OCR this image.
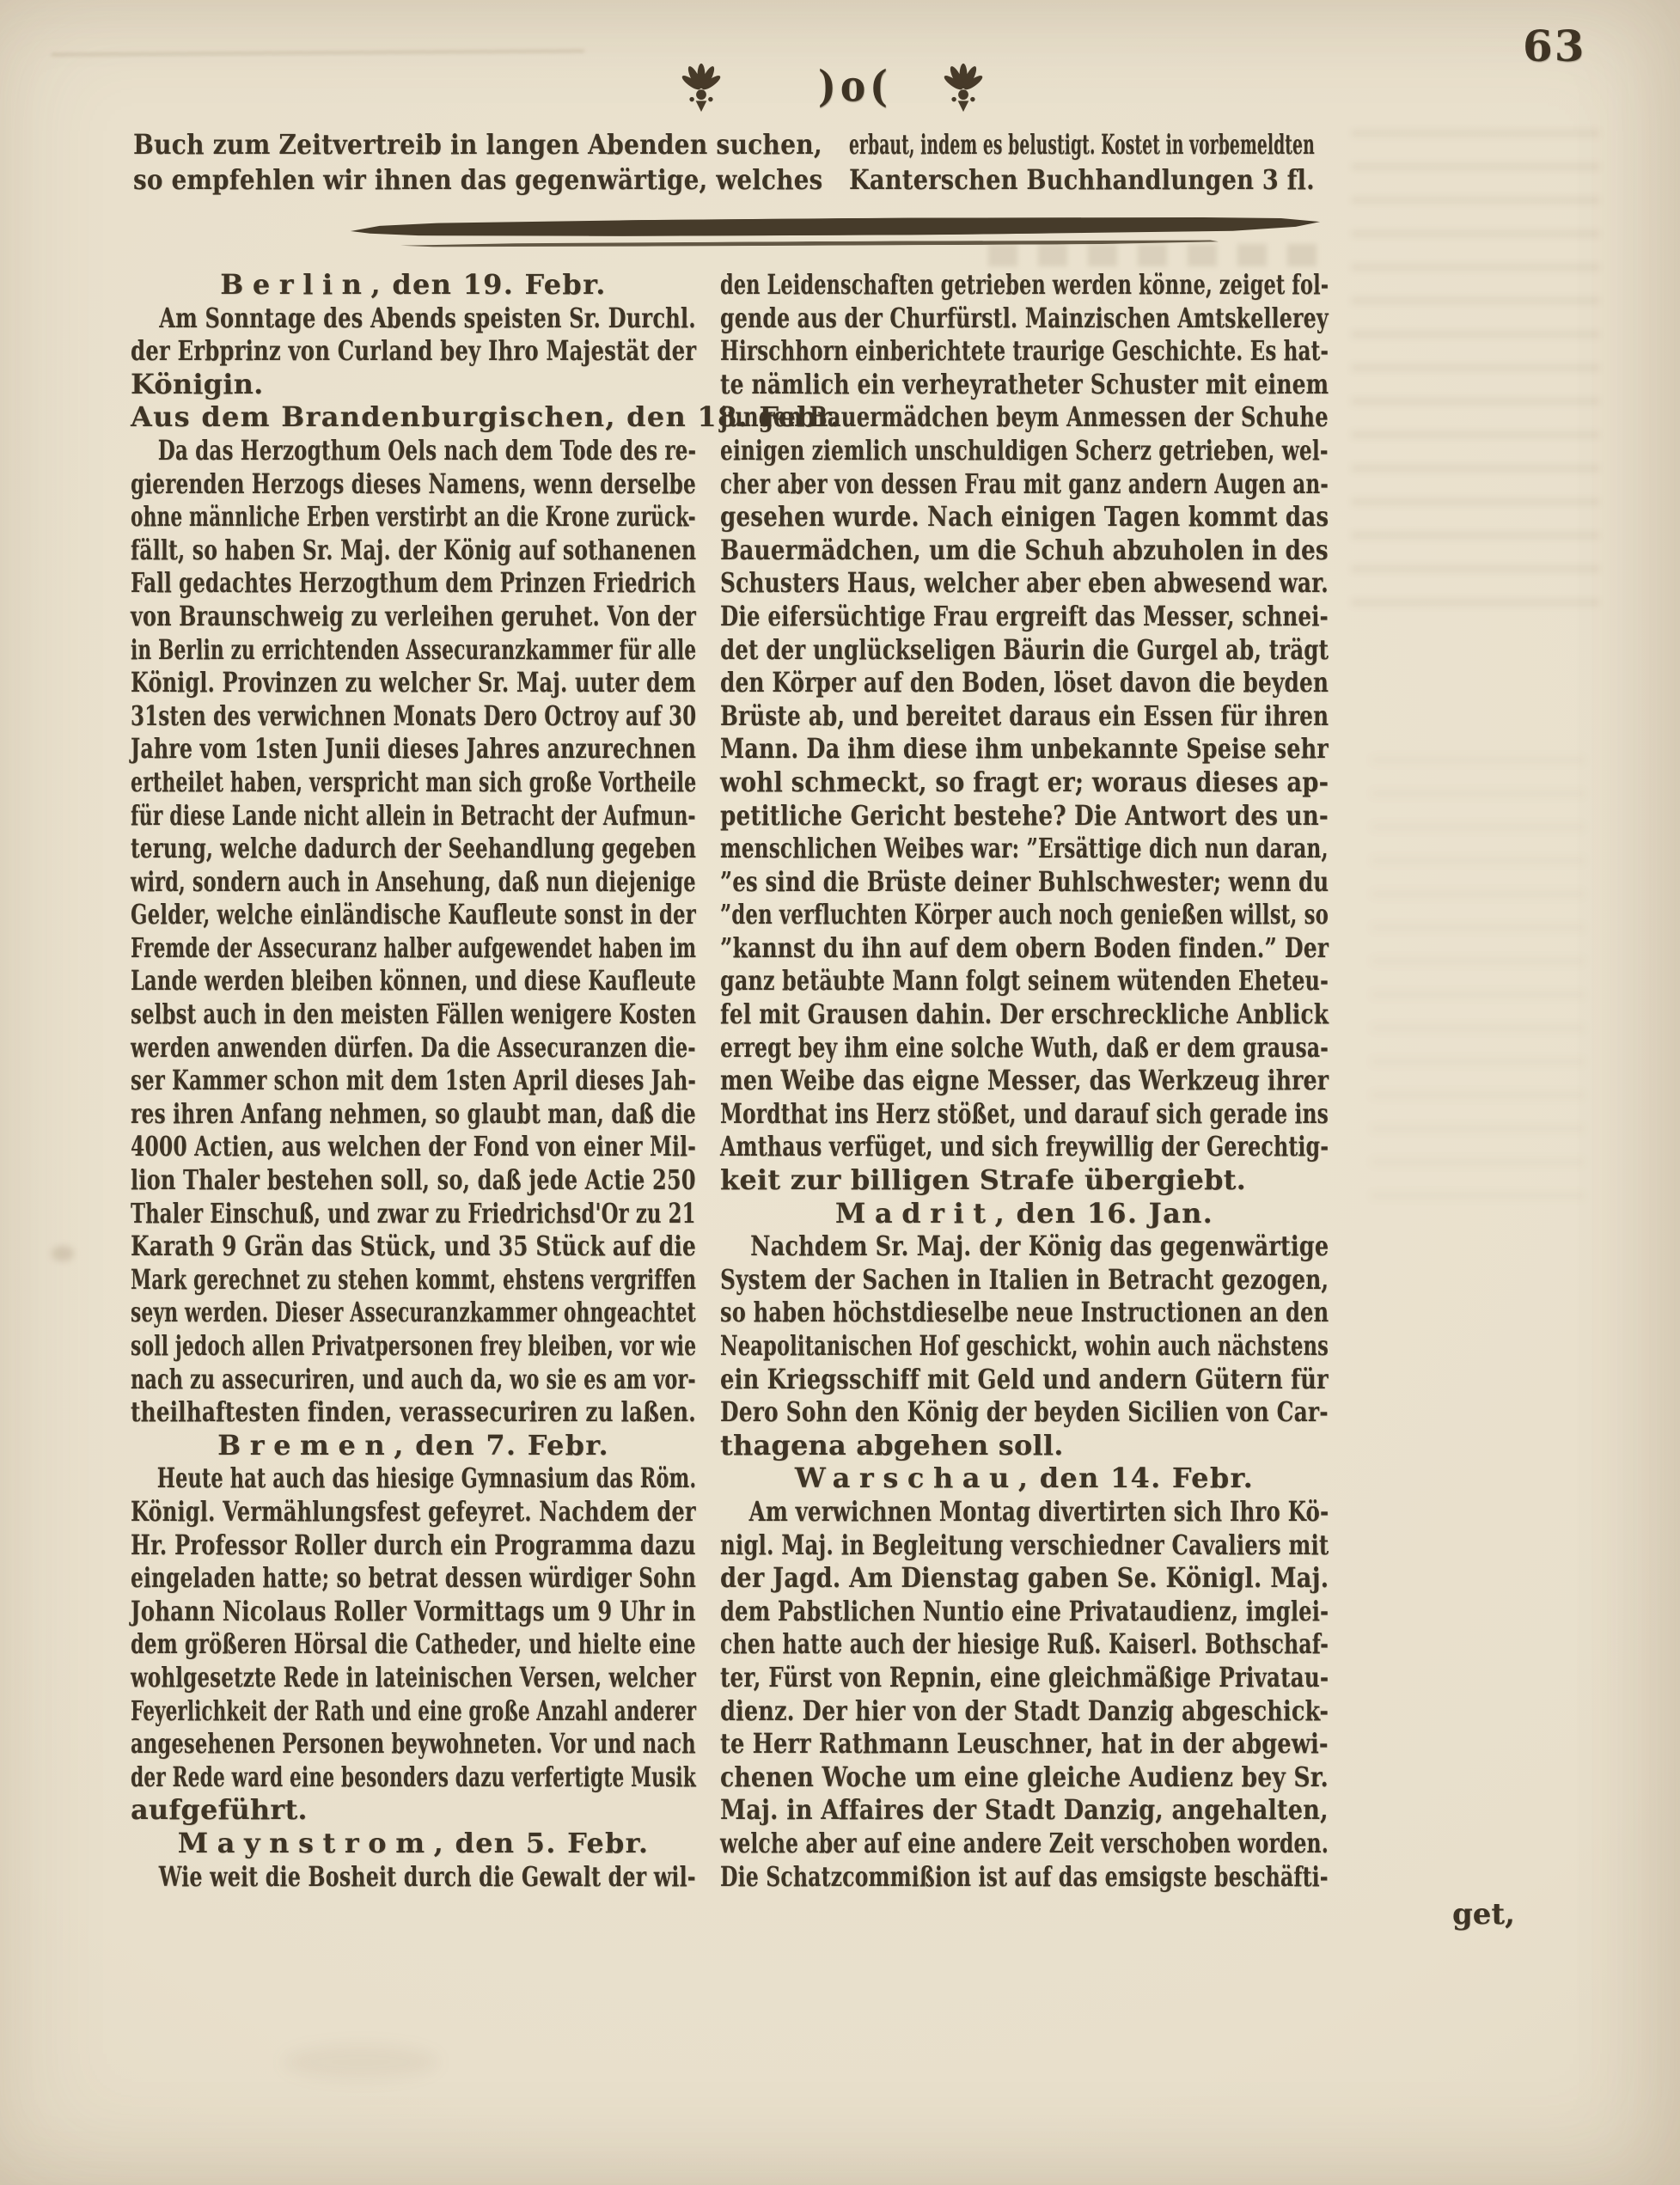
63
)o(
Buch zum Zeitvertreib in langen Abenden suchen,
so empfehlen wir ihnen das gegenwärtige, welches
erbaut, indem es belustigt. Kostet in vorbemeldten
Kanterschen Buchhandlungen 3 fl.
Berlin, den 19. Febr.
Am Sonntage des Abends speisten Sr. Durchl.
der Erbprinz von Curland bey Ihro Majestät der
Königin.
Aus dem Brandenburgischen, den 18. Febr.
Da das Herzogthum Oels nach dem Tode des re-
gierenden Herzogs dieses Namens, wenn derselbe
ohne männliche Erben verstirbt an die Krone zurück-
fällt, so haben Sr. Maj. der König auf sothanenen
Fall gedachtes Herzogthum dem Prinzen Friedrich
von Braunschweig zu verleihen geruhet. Von der
in Berlin zu errichtenden Assecuranzkammer für alle
Königl. Provinzen zu welcher Sr. Maj. uuter dem
31sten des verwichnen Monats Dero Octroy auf 30
Jahre vom 1sten Junii dieses Jahres anzurechnen
ertheilet haben, verspricht man sich große Vortheile
für diese Lande nicht allein in Betracht der Aufmun-
terung, welche dadurch der Seehandlung gegeben
wird, sondern auch in Ansehung, daß nun diejenige
Gelder, welche einländische Kaufleute sonst in der
Fremde der Assecuranz halber aufgewendet haben im
Lande werden bleiben können, und diese Kaufleute
selbst auch in den meisten Fällen wenigere Kosten
werden anwenden dürfen. Da die Assecuranzen die-
ser Kammer schon mit dem 1sten April dieses Jah-
res ihren Anfang nehmen, so glaubt man, daß die
4000 Actien, aus welchen der Fond von einer Mil-
lion Thaler bestehen soll, so, daß jede Actie 250
Thaler Einschuß, und zwar zu Friedrichsd'Or zu 21
Karath 9 Grän das Stück, und 35 Stück auf die
Mark gerechnet zu stehen kommt, ehstens vergriffen
seyn werden. Dieser Assecuranzkammer ohngeachtet
soll jedoch allen Privatpersonen frey bleiben, vor wie
nach zu assecuriren, und auch da, wo sie es am vor-
theilhaftesten finden, verassecuriren zu laßen.
Bremen, den 7. Febr.
Heute hat auch das hiesige Gymnasium das Röm.
Königl. Vermählungsfest gefeyret. Nachdem der
Hr. Professor Roller durch ein Programma dazu
eingeladen hatte; so betrat dessen würdiger Sohn
Johann Nicolaus Roller Vormittags um 9 Uhr in
dem größeren Hörsal die Catheder, und hielte eine
wohlgesetzte Rede in lateinischen Versen, welcher
Feyerlichkeit der Rath und eine große Anzahl anderer
angesehenen Personen beywohneten. Vor und nach
der Rede ward eine besonders dazu verfertigte Musik
aufgeführt.
Maynstrom, den 5. Febr.
Wie weit die Bosheit durch die Gewalt der wil-
den Leidenschaften getrieben werden könne, zeiget fol-
gende aus der Churfürstl. Mainzischen Amtskellerey
Hirschhorn einberichtete traurige Geschichte. Es hat-
te nämlich ein verheyratheter Schuster mit einem
jungen Bauermädchen beym Anmessen der Schuhe
einigen ziemlich unschuldigen Scherz getrieben, wel-
cher aber von dessen Frau mit ganz andern Augen an-
gesehen wurde. Nach einigen Tagen kommt das
Bauermädchen, um die Schuh abzuholen in des
Schusters Haus, welcher aber eben abwesend war.
Die eifersüchtige Frau ergreift das Messer, schnei-
det der unglückseligen Bäurin die Gurgel ab, trägt
den Körper auf den Boden, löset davon die beyden
Brüste ab, und bereitet daraus ein Essen für ihren
Mann. Da ihm diese ihm unbekannte Speise sehr
wohl schmeckt, so fragt er; woraus dieses ap-
petitliche Gericht bestehe? Die Antwort des un-
menschlichen Weibes war: ”Ersättige dich nun daran,
”es sind die Brüste deiner Buhlschwester; wenn du
”den verfluchten Körper auch noch genießen willst, so
”kannst du ihn auf dem obern Boden finden.” Der
ganz betäubte Mann folgt seinem wütenden Eheteu-
fel mit Grausen dahin. Der erschreckliche Anblick
erregt bey ihm eine solche Wuth, daß er dem grausa-
men Weibe das eigne Messer, das Werkzeug ihrer
Mordthat ins Herz stößet, und darauf sich gerade ins
Amthaus verfüget, und sich freywillig der Gerechtig-
keit zur billigen Strafe übergiebt.
Madrit, den 16. Jan.
Nachdem Sr. Maj. der König das gegenwärtige
System der Sachen in Italien in Betracht gezogen,
so haben höchstdieselbe neue Instructionen an den
Neapolitanischen Hof geschickt, wohin auch nächstens
ein Kriegsschiff mit Geld und andern Gütern für
Dero Sohn den König der beyden Sicilien von Car-
thagena abgehen soll.
Warschau, den 14. Febr.
Am verwichnen Montag divertirten sich Ihro Kö-
nigl. Maj. in Begleitung verschiedner Cavaliers mit
der Jagd. Am Dienstag gaben Se. Königl. Maj.
dem Pabstlichen Nuntio eine Privataudienz, imglei-
chen hatte auch der hiesige Ruß. Kaiserl. Bothschaf-
ter, Fürst von Repnin, eine gleichmäßige Privatau-
dienz. Der hier von der Stadt Danzig abgeschick-
te Herr Rathmann Leuschner, hat in der abgewi-
chenen Woche um eine gleiche Audienz bey Sr.
Maj. in Affaires der Stadt Danzig, angehalten,
welche aber auf eine andere Zeit verschoben worden.
Die Schatzcommißion ist auf das emsigste beschäfti-
get,
